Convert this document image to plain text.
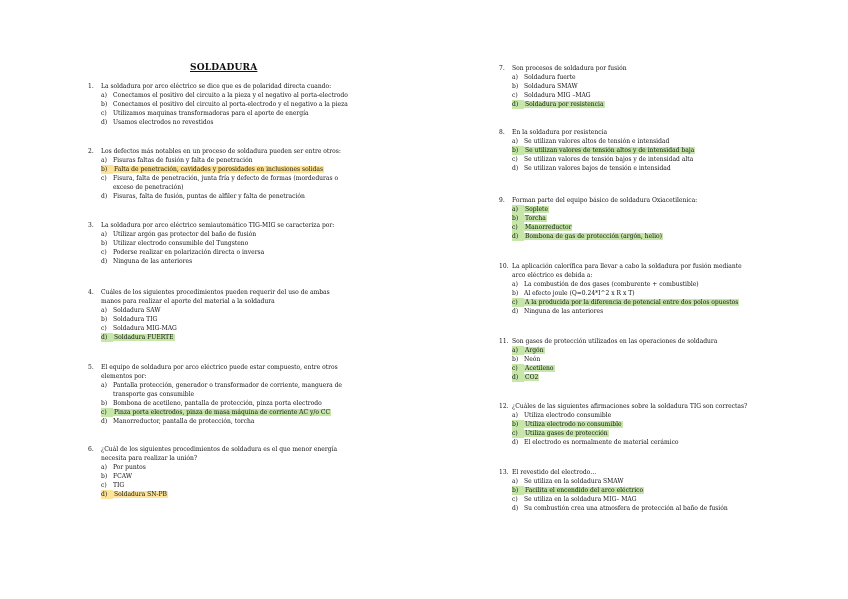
SOLDADURA
1.	La soldadura por arco eléctrico se dice que es de polaridad directa cuando:
a)	Conectamos el positivo del circuito a la pieza y el negativo al porta-electrodo
b) Conectamos el positivo del circuito al porta-electrodo y el negativo a la pieza
c)	Utilizamos maquinas transformadoras para el aporte de energía
d) Usamos electrodos no revestidos
2.	Los defectos más notables en un proceso de soldadura pueden ser entre otros:
a)	Fisuras faltas de fusión y falta de penetración
b)	Falta de penetración, cavidades y porosidades en inclusiones solidas
c)	Fisura, falta de penetración, junta fría y defecto de formas (mordeduras o exceso de penetración)
d) Fisuras, falta de fusión, puntas de alfiler y falta de penetración
3.	La soldadura por arco eléctrico semiautomático TIG-MIG se caracteriza por:
a)	Utilizar argón gas protector del baño de fusión
b) Utilizar electrodo consumible del Tungsteno
c)	Poderse realizar en polarización directa o inversa
d) Ninguna de las anteriores
4.	Cuáles de los siguientes procedimientos pueden requerir del uso de ambas manos para realizar el aporte del material a la soldadura
a)	Soldadura SAW
b) Soldadura TIG
c)	Soldadura MIG-MAG
d)	Soldadura FUERTE
5.	El equipo de soldadura por arco eléctrico puede estar compuesto, entre otros elementos por:
a)	Pantalla protección, generador o transformador de corriente, manguera de transporte gas consumible
b) Bombona de acetileno, pantalla de protección, pinza porta electrodo
c)	Pinza porta electrodos, pinza de masa máquina de corriente AC y/o CC
d) Manorreductor, pantalla de protección, torcha
6.	¿Cuál de los siguientes procedimientos de soldadura es el que menor energía necesita para realizar la unión?
a)	Por puntos
b) FCAW
c)	TIG
d)	Soldadura SN-PB
7.	Son procesos de soldadura por fusión
a)	Soldadura fuerte
b) Soldadura SMAW
c)	Soldadura MIG –MAG
d)	Soldadura por resistencia
8.	En la soldadura por resistencia
a)	Se utilizan valores altos de tensión e intensidad
b)	Se utilizan valores de tensión altos y de intensidad baja
c)	Se utilizan valores de tensión bajos y de intensidad alta
d) Se utilizan valores bajos de tensión e intensidad
9.	Forman parte del equipo básico de soldadura Oxiacetilenica:
a)	Soplete
b)	Torcha
c)	Manorreductor
d)	Bombona de gas de protección (argón, helio)
10. La aplicación calorífica para llevar a cabo la soldadura por fusión mediante arco eléctrico es debida a:
a)	La combustión de dos gases (comburente + combustible)
b) Al efecto joule (Q=0.24*I^2 x R x T)
c)	A la producida por la diferencia de potencial entre dos polos opuestos
d) Ninguna de las anteriores
11. Son gases de protección utilizados en las operaciones de soldadura
a)	Argón
b) Neón
c)	Acetileno
d)	CO2
12. ¿Cuáles de las siguientes afirmaciones sobre la soldadura TIG son correctas?
a)	Utiliza electrodo consumible
b)	Utiliza electrodo no consumible
c)	Utiliza gases de protección
d) El electrodo es normalmente de material cerámico
13. El revestido del electrodo…
a)	Se utiliza en la soldadura SMAW
b)	Facilita el encendido del arco eléctrico
c)	Se utiliza en la soldadura MIG– MAG
d) Su combustión crea una atmosfera de protección al baño de fusión
